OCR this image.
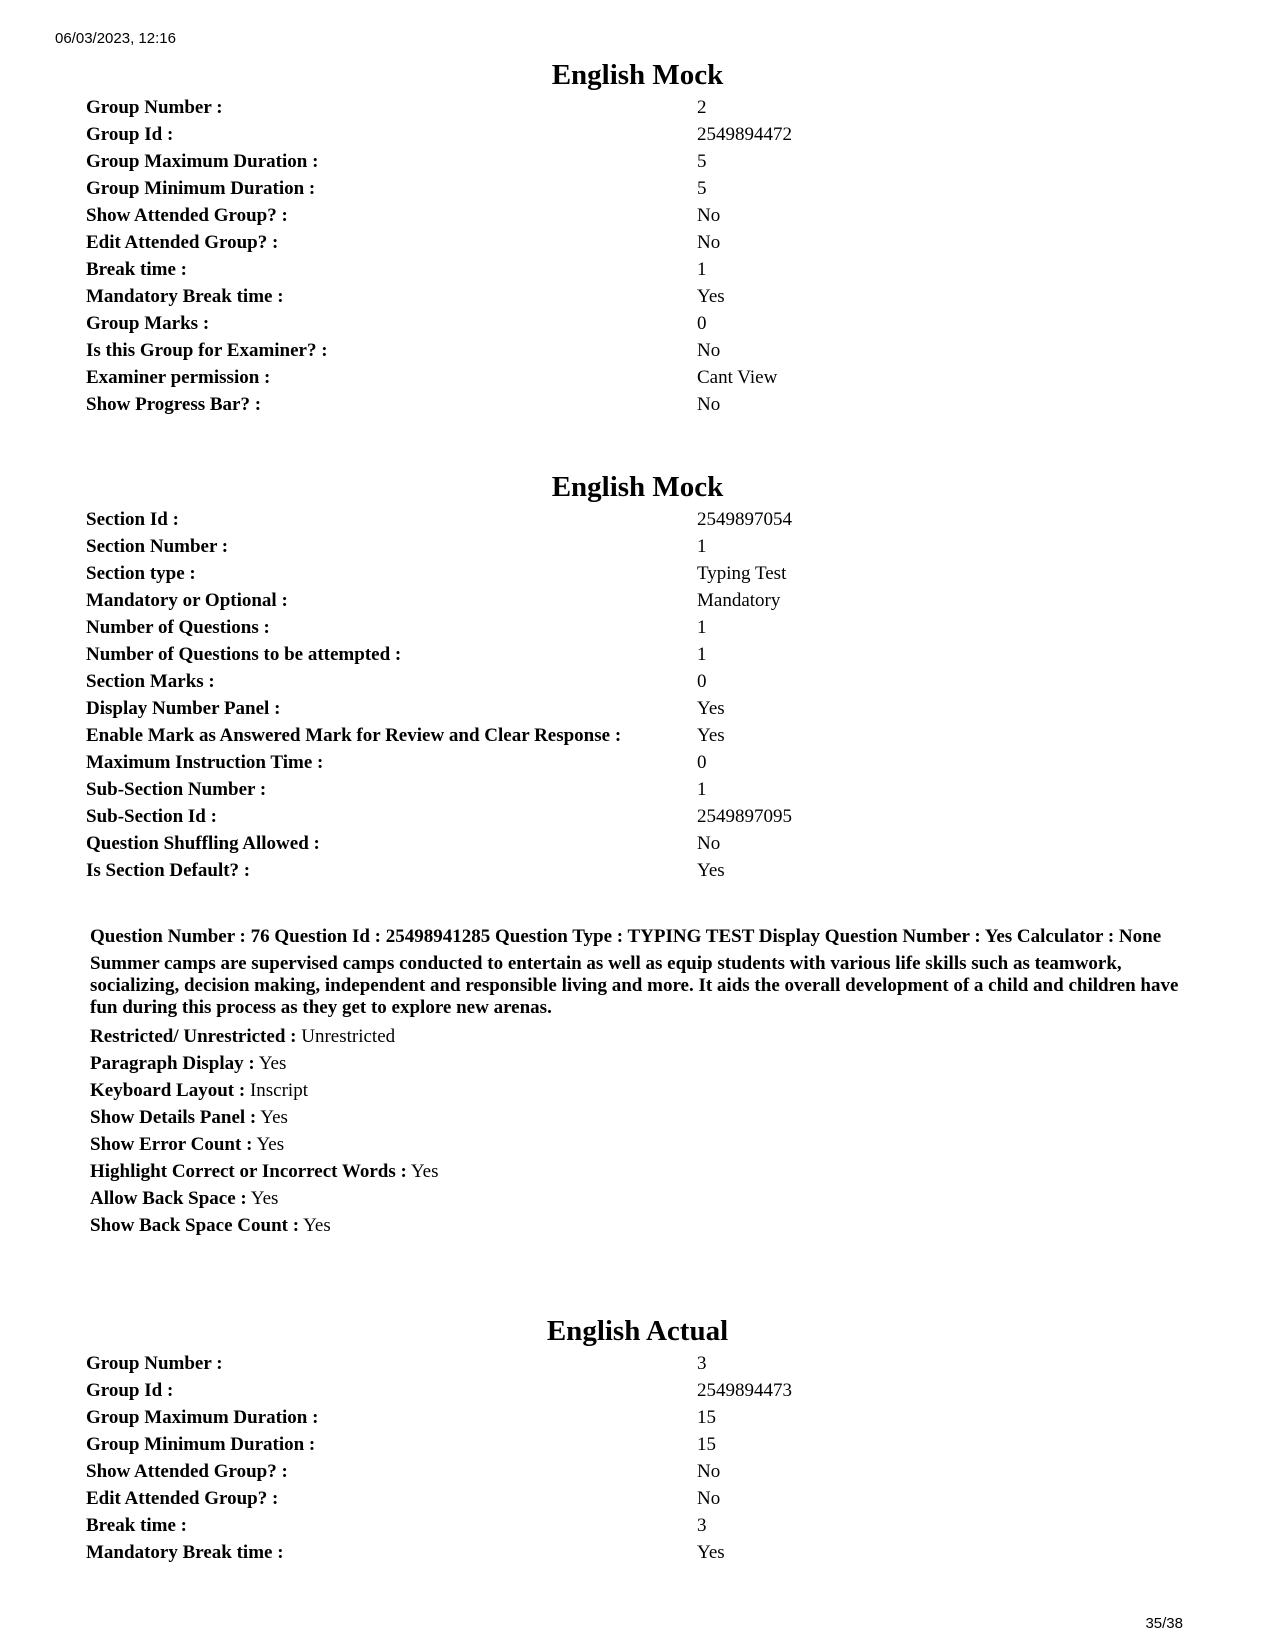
06/03/2023, 12:16
English Mock
Group Number :	2
Group Id :	2549894472
Group Maximum Duration :	5
Group Minimum Duration :	5
Show Attended Group? :	No
Edit Attended Group? :	No
Break time :	1
Mandatory Break time :	Yes
Group Marks :	0
Is this Group for Examiner? :	No
Examiner permission :	Cant View
Show Progress Bar? :	No
English Mock
Section Id :	2549897054
Section Number :	1
Section type :	Typing Test
Mandatory or Optional :	Mandatory
Number of Questions :	1
Number of Questions to be attempted :	1
Section Marks :	0
Display Number Panel :	Yes
Enable Mark as Answered Mark for Review and Clear Response :	Yes
Maximum Instruction Time :	0
Sub-Section Number :	1
Sub-Section Id :	2549897095
Question Shuffling Allowed :	No
Is Section Default? :	Yes
Question Number : 76 Question Id : 25498941285 Question Type : TYPING TEST Display Question Number : Yes Calculator : None
Summer camps are supervised camps conducted to entertain as well as equip students with various life skills such as teamwork, socializing, decision making, independent and responsible living and more. It aids the overall development of a child and children have fun during this process as they get to explore new arenas.
Restricted/ Unrestricted : Unrestricted
Paragraph Display : Yes
Keyboard Layout : Inscript
Show Details Panel : Yes
Show Error Count : Yes
Highlight Correct or Incorrect Words : Yes
Allow Back Space : Yes
Show Back Space Count : Yes
English Actual
Group Number :	3
Group Id :	2549894473
Group Maximum Duration :	15
Group Minimum Duration :	15
Show Attended Group? :	No
Edit Attended Group? :	No
Break time :	3
Mandatory Break time :	Yes
35/38
